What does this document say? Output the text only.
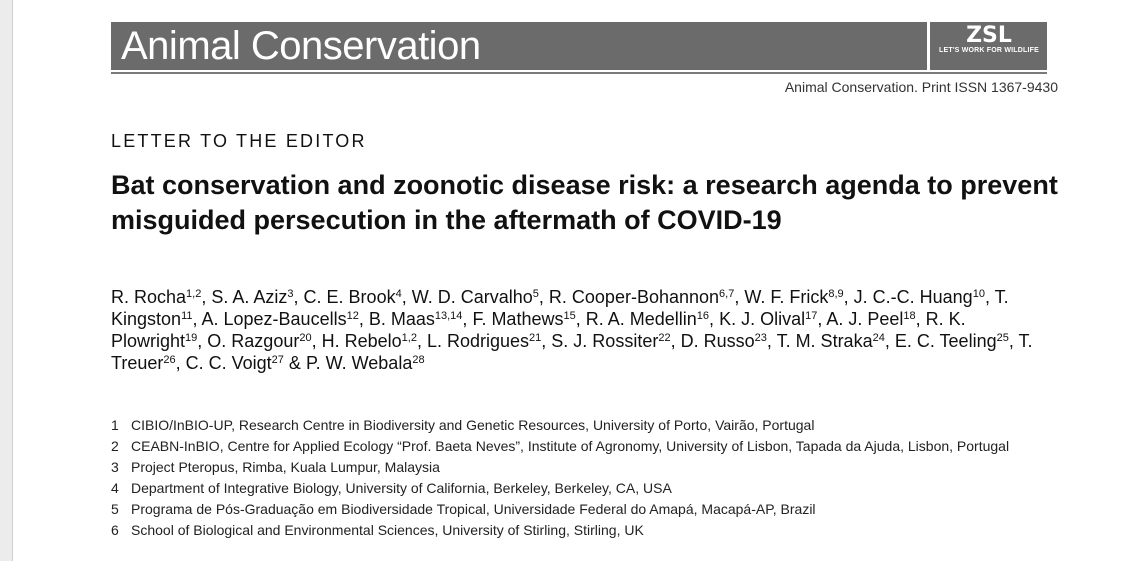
Animal Conservation	ZSL
LET'S WORK FOR WILDLIFE
Animal Conservation. Print ISSN 1367-9430
LETTER TO THE EDITOR
Bat conservation and zoonotic disease risk: a research agenda to prevent misguided persecution in the aftermath of COVID-19
R. Rocha$^{1,2}$, S. A. Aziz$^3$, C. E. Brook$^4$, W. D. Carvalho$^5$, R. Cooper-Bohannon$^{6,7}$, W. F. Frick$^{8,9}$, J. C.-C. Huang$^{10}$, T. Kingston$^{11}$, A. Lopez-Baucells$^{12}$, B. Maas$^{13,14}$, F. Mathews$^{15}$, R. A. Medellin$^{16}$, K. J. Olival$^{17}$, A. J. Peel$^{18}$, R. K. Plowright$^{19}$, O. Razgour$^{20}$, H. Rebelo$^{1,2}$, L. Rodrigues$^{21}$, S. J. Rossiter$^{22}$, D. Russo$^{23}$, T. M. Straka$^{24}$, E. C. Teeling$^{25}$, T. Treuer$^{26}$, C. C. Voigt$^{27}$ & P. W. Webala$^{28}$
1 CIBIO/InBIO-UP, Research Centre in Biodiversity and Genetic Resources, University of Porto, Vairão, Portugal
2 CEABN-InBIO, Centre for Applied Ecology “Prof. Baeta Neves”, Institute of Agronomy, University of Lisbon, Tapada da Ajuda, Lisbon, Portugal
3 Project Pteropus, Rimba, Kuala Lumpur, Malaysia
4 Department of Integrative Biology, University of California, Berkeley, Berkeley, CA, USA
5 Programa de Pós-Graduação em Biodiversidade Tropical, Universidade Federal do Amapá, Macapá-AP, Brazil
6 School of Biological and Environmental Sciences, University of Stirling, Stirling, UK
